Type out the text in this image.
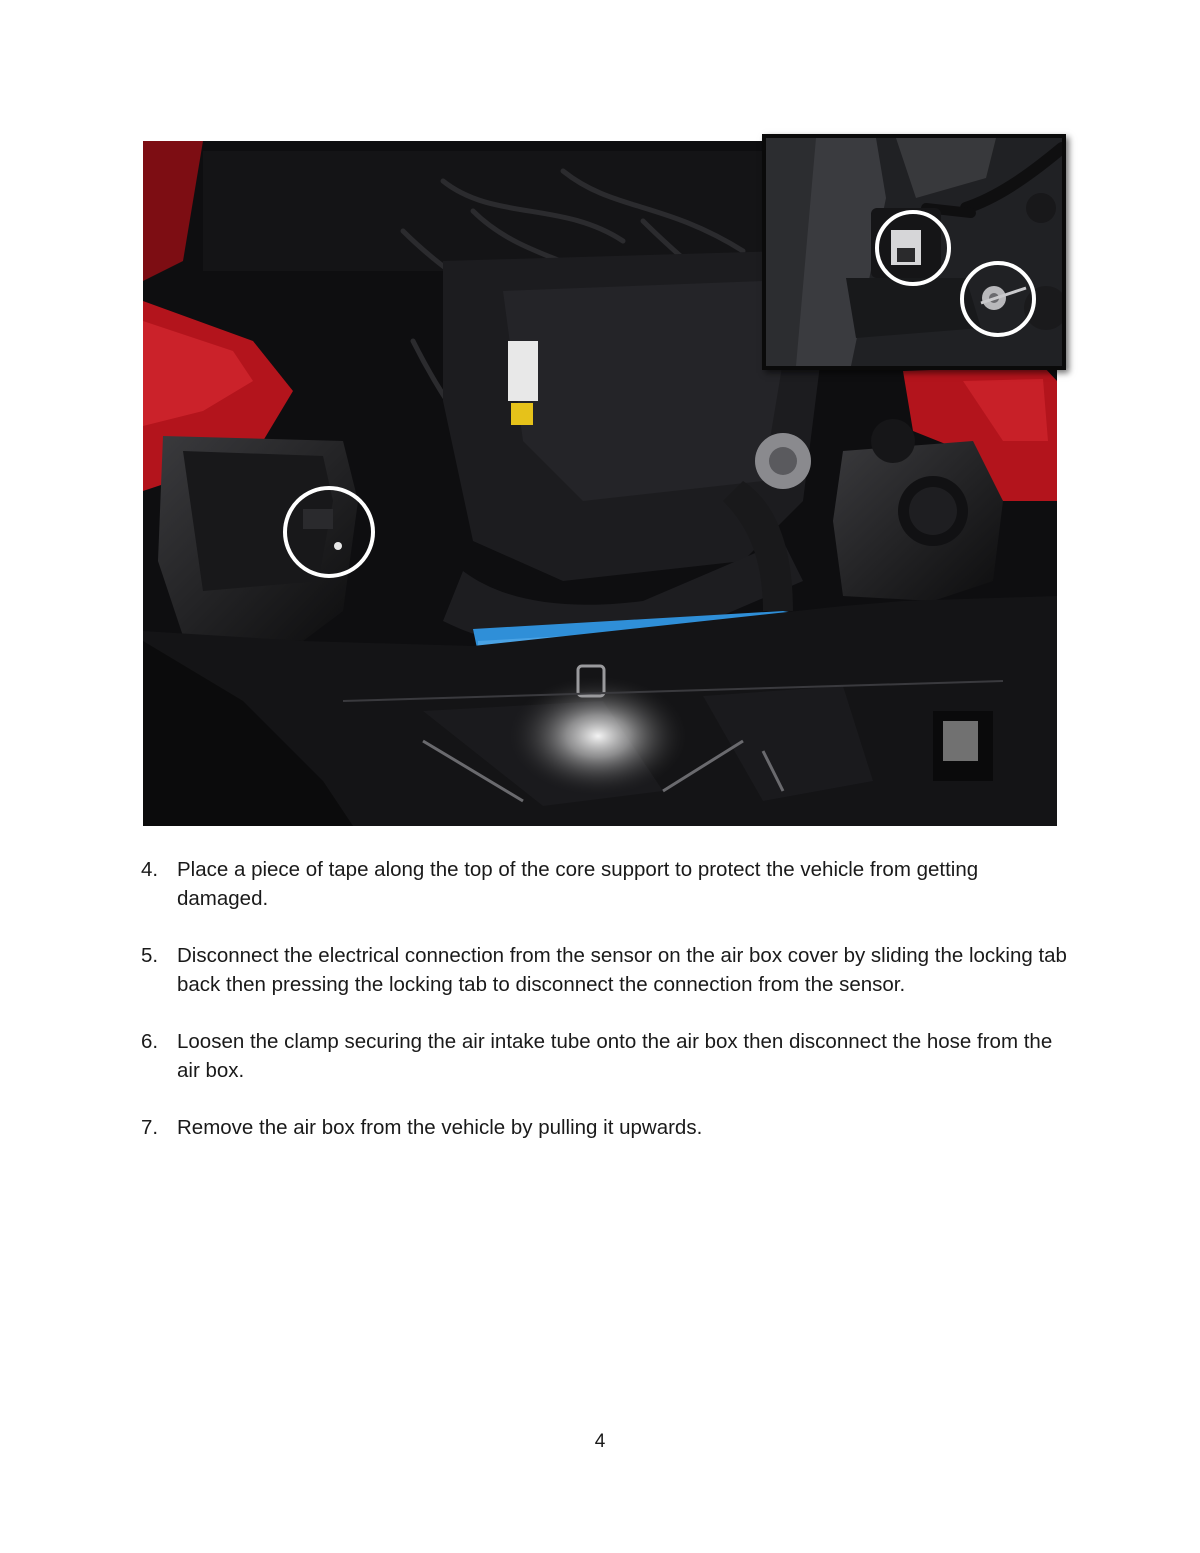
4. Place a piece of tape along the top of the core support to protect the vehicle from getting damaged.
5. Disconnect the electrical connection from the sensor on the air box cover by sliding the locking tab back then pressing the locking tab to disconnect the connection from the sensor.
6. Loosen the clamp securing the air intake tube onto the air box then disconnect the hose from the air box.
7. Remove the air box from the vehicle by pulling it upwards.
4
